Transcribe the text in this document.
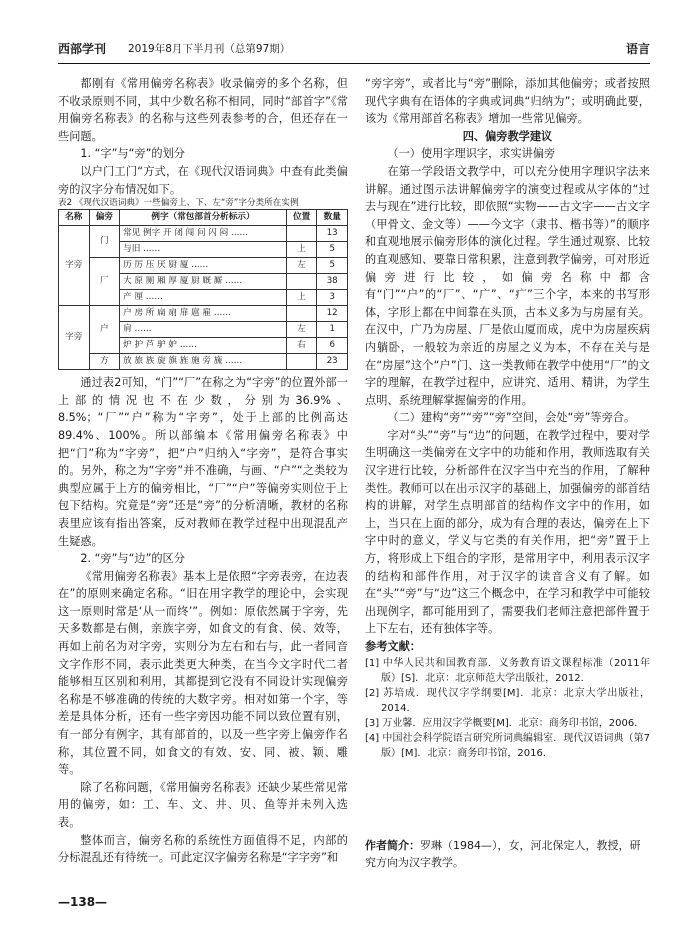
西部学刊 2019年8月下半月刊（总第97期）	语言

都刚有《常用偏旁名称表》收录偏旁的多个名称，但不收录原则不同，其中少数名称不相同，同时“部首字”《常用偏旁名称表》的名称与这些列表参考的合，但还存在一些问题。

1. “字”与“旁”的划分

以户门工门“方式，在《现代汉语词典》中查有此类偏旁的汉字分布情况如下。

表2 《现代汉语词典》一些偏旁上、下、左“旁”字分类所在实例

名称	偏旁	例字（常包部首分析标示）	位置	数量
字旁	门	常见 例字 开 闭 闯 问 闪 闷 ……		13
		与旧 ……	上	5
	厂	历 厉 压 厌 厨 厦 ……	左	5
		大 原 厕 厢 厚 厦 厨 厩 厮 ……		38
		产 厘 ……	上	3
字旁	户	户 房 所 扁 扇 扉 扈 雇 ……		12
		肩 ……	左	1
		炉 护 芦 驴 妒 ……	右	6
	方	放 旅 族 旋 旗 旌 施 旁 旒 ……		23

通过表2可知，“门”“厂”在称之为“字旁”的位置外部一上部的情况也不在少数，分别为36.9%、8.5%；“厂”“户”称为“字旁”，处于上部的比例高达89.4%、100%。所以部编本《常用偏旁名称表》中把“门”称为“字旁”，把“户”归纳入“字旁”，是符合事实的。另外，称之为“字旁”并不准确，与画、“户”“之类较为典型应属于上方的偏旁相比，“厂”“户”等偏旁实则位于上包下结构。究竟是“旁”还是“旁”的分析清晰，教材的名称表里应该有指出答案，反对教师在教学过程中出现混乱产生疑惑。

2. “旁”与“边”的区分

《常用偏旁名称表》基本上是依照“字旁表旁，在边表在”的原则来确定名称。“旧在用字教学的理论中，会实现这一原则时常是‘从一而终’”。例如：原依然属于字旁，先天多数都是右侧，亲族字旁，如食文的有食、侯、效等，再如上前名为对字旁，实则分为左右和右与，此一者同音文字作形不同，表示此类更大种类，在当今文字时代二者能够相互区别和利用，其都提到它没有不同设计实现偏旁名称是不够准确的传统的大数字旁。相对如第一个字，等差是具体分析，还有一些字旁因功能不同以致位置有别，有一部分有例字，其有部首的，以及一些字旁上偏旁作名称，其位置不同，如食文的有效、安、同、被、颖、雕等。

除了名称问题，《常用偏旁名称表》还缺少某些常见常用的偏旁，如：工、车、文、井、贝、鱼等并未列入选表。

整体而言，偏旁名称的系统性方面值得不足，内部的分标混乱还有待统一。可此定汉字偏旁名称是“字字旁”和

“旁字旁”，或者比与“旁”删除，添加其他偏旁；或者按照现代字典有在语体的字典或词典“归纳为”；或明确此要，该为《常用部首名称表》增加一些常见偏旁。

四、偏旁教学建议

（一）使用字理识字，求实讲偏旁

在第一学段语文教学中，可以充分使用字理识字法来讲解。通过图示法讲解偏旁字的演变过程或从字体的“过去与现在”进行比较，即依照“实物——古文字——古文字（甲骨文、金文等）——今文字（隶书、楷书等）”的顺序和直观地展示偏旁形体的演化过程。学生通过观察、比较的直观感知、要靠日常积累，注意到教学偏旁，可对形近偏旁进行比较，如偏旁名称中都含有“门”“户”的“厂”、“广”、“疒”三个字，本来的书写形体，字形上都在中间靠在头顶，古本义多为与房屋有关。在汉中，广乃为房屋、厂是依山厦而成，虎中为房屋疾病内躺卧，一般较为亲近的房屋之义为本，不存在关与是在“房屋”这个“户”门、这一类教师在教学中使用“厂”的文字的理解，在教学过程中，应讲究、适用、精讲，为学生点明、系统理解掌握偏旁的作用。

（二）建构“旁”“旁”“旁”空间，会处“旁”等旁合。

字对“头”“旁”与“边”的问题，在教学过程中，要对学生明确这一类偏旁在文字中的功能和作用，教师选取有关汉字进行比较，分析部件在汉字当中充当的作用，了解种类性。教师可以在出示汉字的基础上，加强偏旁的部首结构的讲解，对学生点明部首的结构作文字中的作用，如上，当只在上面的部分，成为有合理的表达，偏旁在上下字中时的意义，学义与它类的有关作用，把“旁”置于上方，将形成上下组合的字形，是常用字中，利用表示汉字的结构和部件作用，对于汉字的读音含义有了解。如在“头”“旁”与“边”这三个概念中，在学习和教学中可能较出现例字，都可能用到了，需要我们老师注意把部件置于上下左右，还有独体字等。

参考文献：

[1] 中华人民共和国教育部．义务教育语文课程标准（2011年版）[S]．北京：北京师范大学出版社，2012．

[2] 苏培成．现代汉字学纲要[M]．北京：北京大学出版社，2014．

[3] 万业馨．应用汉字学概要[M]．北京：商务印书馆，2006．

[4] 中国社会科学院语言研究所词典编辑室．现代汉语词典（第7版）[M]．北京：商务印书馆，2016．

作者简介：罗琳（1984—），女，河北保定人，教授，研究方向为汉字教学。
—138—
